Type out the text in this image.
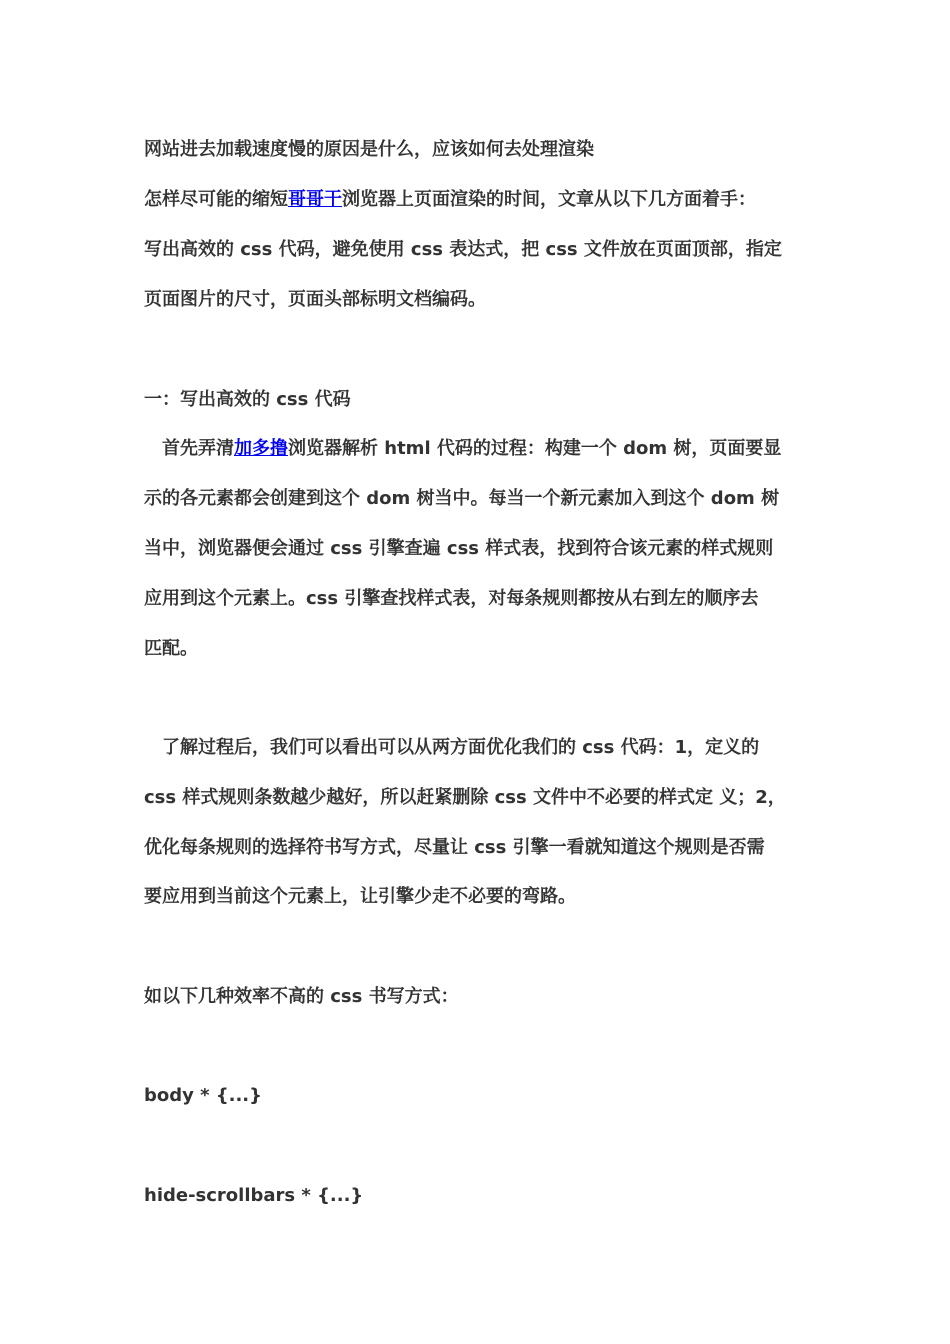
网站进去加载速度慢的原因是什么，应该如何去处理渲染
怎样尽可能的缩短哥哥干浏览器上页面渲染的时间，文章从以下几方面着手：
写出高效的 css 代码，避免使用 css 表达式，把 css 文件放在页面顶部，指定
页面图片的尺寸，页面头部标明文档编码。
一：写出高效的 css 代码
首先弄清加多撸浏览器解析 html 代码的过程：构建一个 dom 树，页面要显
示的各元素都会创建到这个 dom 树当中。每当一个新元素加入到这个 dom 树
当中，浏览器便会通过 css 引擎查遍 css 样式表，找到符合该元素的样式规则
应用到这个元素上。css 引擎查找样式表，对每条规则都按从右到左的顺序去
匹配。
了解过程后，我们可以看出可以从两方面优化我们的 css 代码：1，定义的
css 样式规则条数越少越好，所以赶紧删除 css 文件中不必要的样式定 义；2，
优化每条规则的选择符书写方式，尽量让 css 引擎一看就知道这个规则是否需
要应用到当前这个元素上，让引擎少走不必要的弯路。
如以下几种效率不高的 css 书写方式：
body * {...}
hide-scrollbars * {...}
